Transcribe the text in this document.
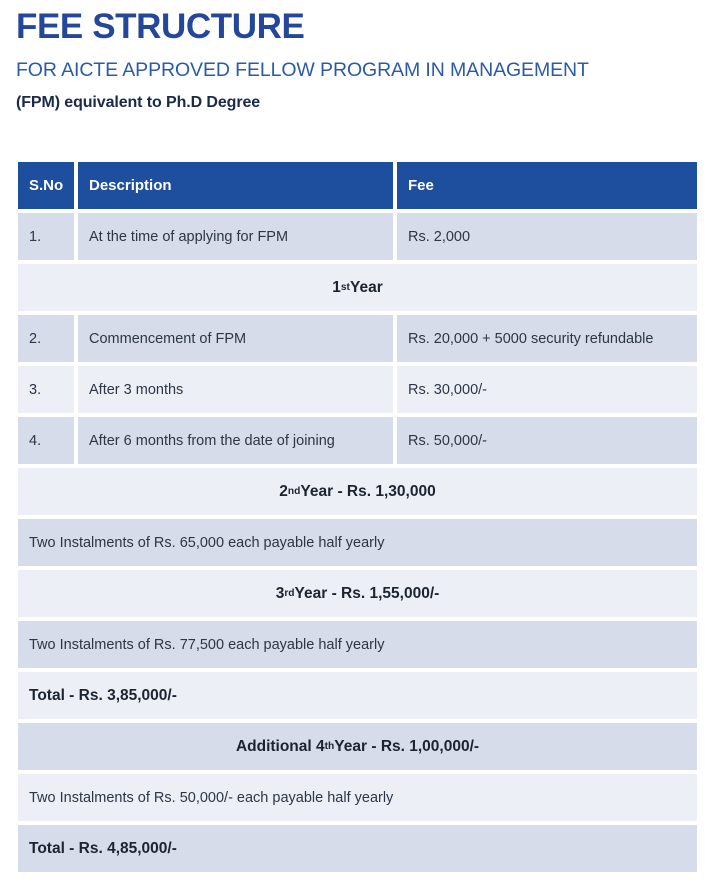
FEE STRUCTURE
FOR AICTE APPROVED FELLOW PROGRAM IN MANAGEMENT
(FPM) equivalent to Ph.D Degree
S.No	Description	Fee
1.	At the time of applying for FPM	Rs. 2,000
1 st Year
2.	Commencement of FPM	Rs. 20,000 + 5000 security refundable
3.	After 3 months	Rs. 30,000/-
4.	After 6 months from the date of joining	Rs. 50,000/-
2 nd Year - Rs. 1,30,000
Two Instalments of Rs. 65,000 each payable half yearly
3 rd Year - Rs. 1,55,000/-
Two Instalments of Rs. 77,500 each payable half yearly
Total - Rs. 3,85,000/-
Additional 4 th Year - Rs. 1,00,000/-
Two Instalments of Rs. 50,000/- each payable half yearly
Total - Rs. 4,85,000/-
